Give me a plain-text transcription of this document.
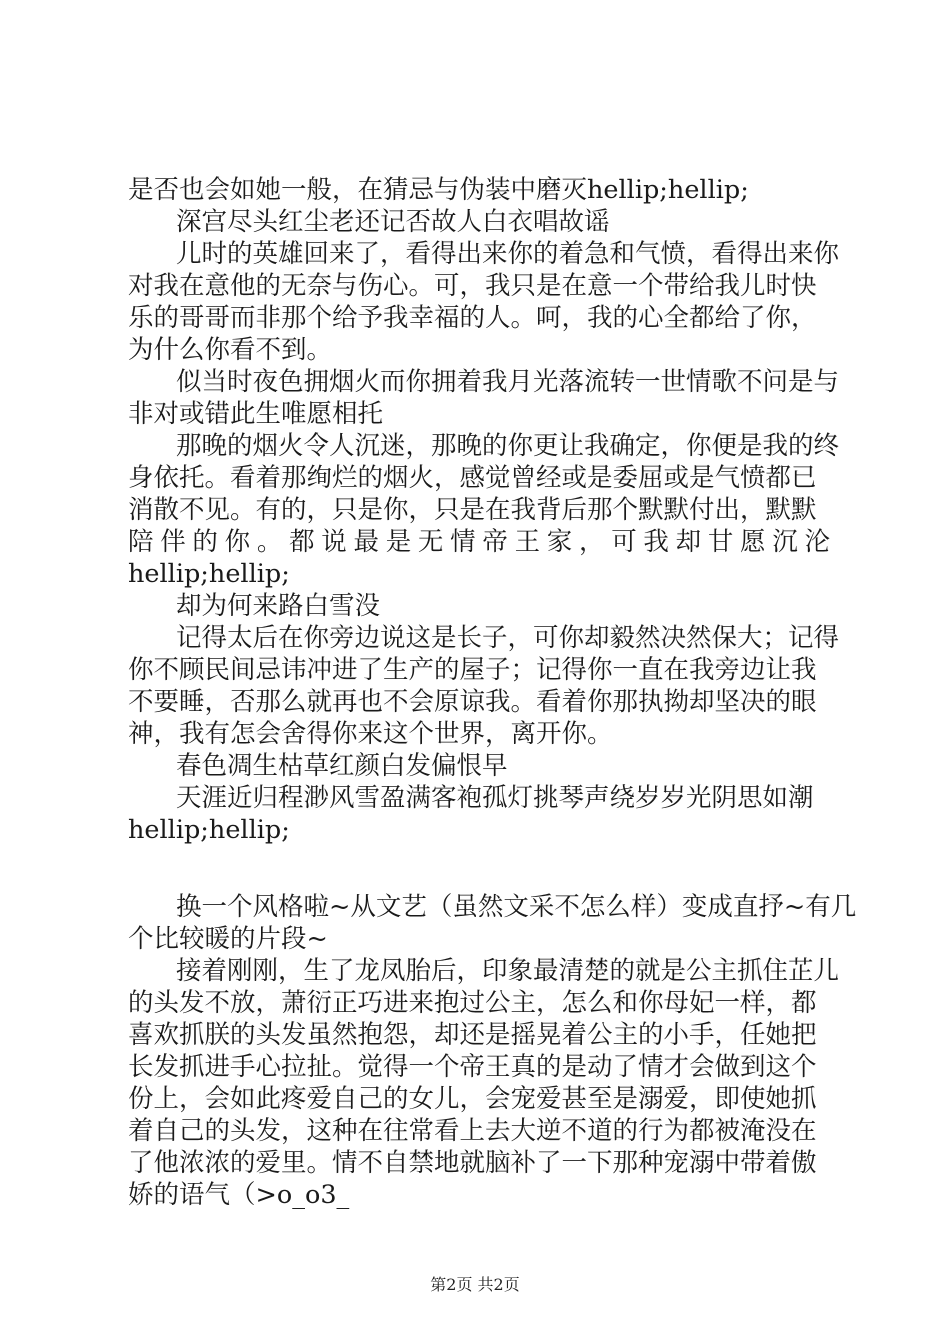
是否也会如她一般，在猜忌与伪装中磨灭hellip;hellip;
深宫尽头红尘老还记否故人白衣唱故谣
儿时的英雄回来了，看得出来你的着急和气愤，看得出来你
对我在意他的无奈与伤心。可，我只是在意一个带给我儿时快
乐的哥哥而非那个给予我幸福的人。呵，我的心全都给了你，
为什么你看不到。
似当时夜色拥烟火而你拥着我月光落流转一世情歌不问是与
非对或错此生唯愿相托
那晚的烟火令人沉迷，那晚的你更让我确定，你便是我的终
身依托。看着那绚烂的烟火，感觉曾经或是委屈或是气愤都已
消散不见。有的，只是你，只是在我背后那个默默付出，默默
陪伴的你。都说最是无情帝王家，可我却甘愿沉沦
hellip;hellip;
却为何来路白雪没
记得太后在你旁边说这是长子，可你却毅然决然保大；记得
你不顾民间忌讳冲进了生产的屋子；记得你一直在我旁边让我
不要睡，否那么就再也不会原谅我。看着你那执拗却坚决的眼
神，我有怎会舍得你来这个世界，离开你。
春色凋生枯草红颜白发偏恨早
天涯近归程渺风雪盈满客袍孤灯挑琴声绕岁岁光阴思如潮
hellip;hellip;
换一个风格啦~从文艺（虽然文采不怎么样）变成直抒~有几
个比较暖的片段~
接着刚刚，生了龙凤胎后，印象最清楚的就是公主抓住芷儿
的头发不放，萧衍正巧进来抱过公主，怎么和你母妃一样，都
喜欢抓朕的头发虽然抱怨，却还是摇晃着公主的小手，任她把
长发抓进手心拉扯。觉得一个帝王真的是动了情才会做到这个
份上，会如此疼爱自己的女儿，会宠爱甚至是溺爱，即使她抓
着自己的头发，这种在往常看上去大逆不道的行为都被淹没在
了他浓浓的爱里。情不自禁地就脑补了一下那种宠溺中带着傲
娇的语气（>o_o3_
第2页 共2页
